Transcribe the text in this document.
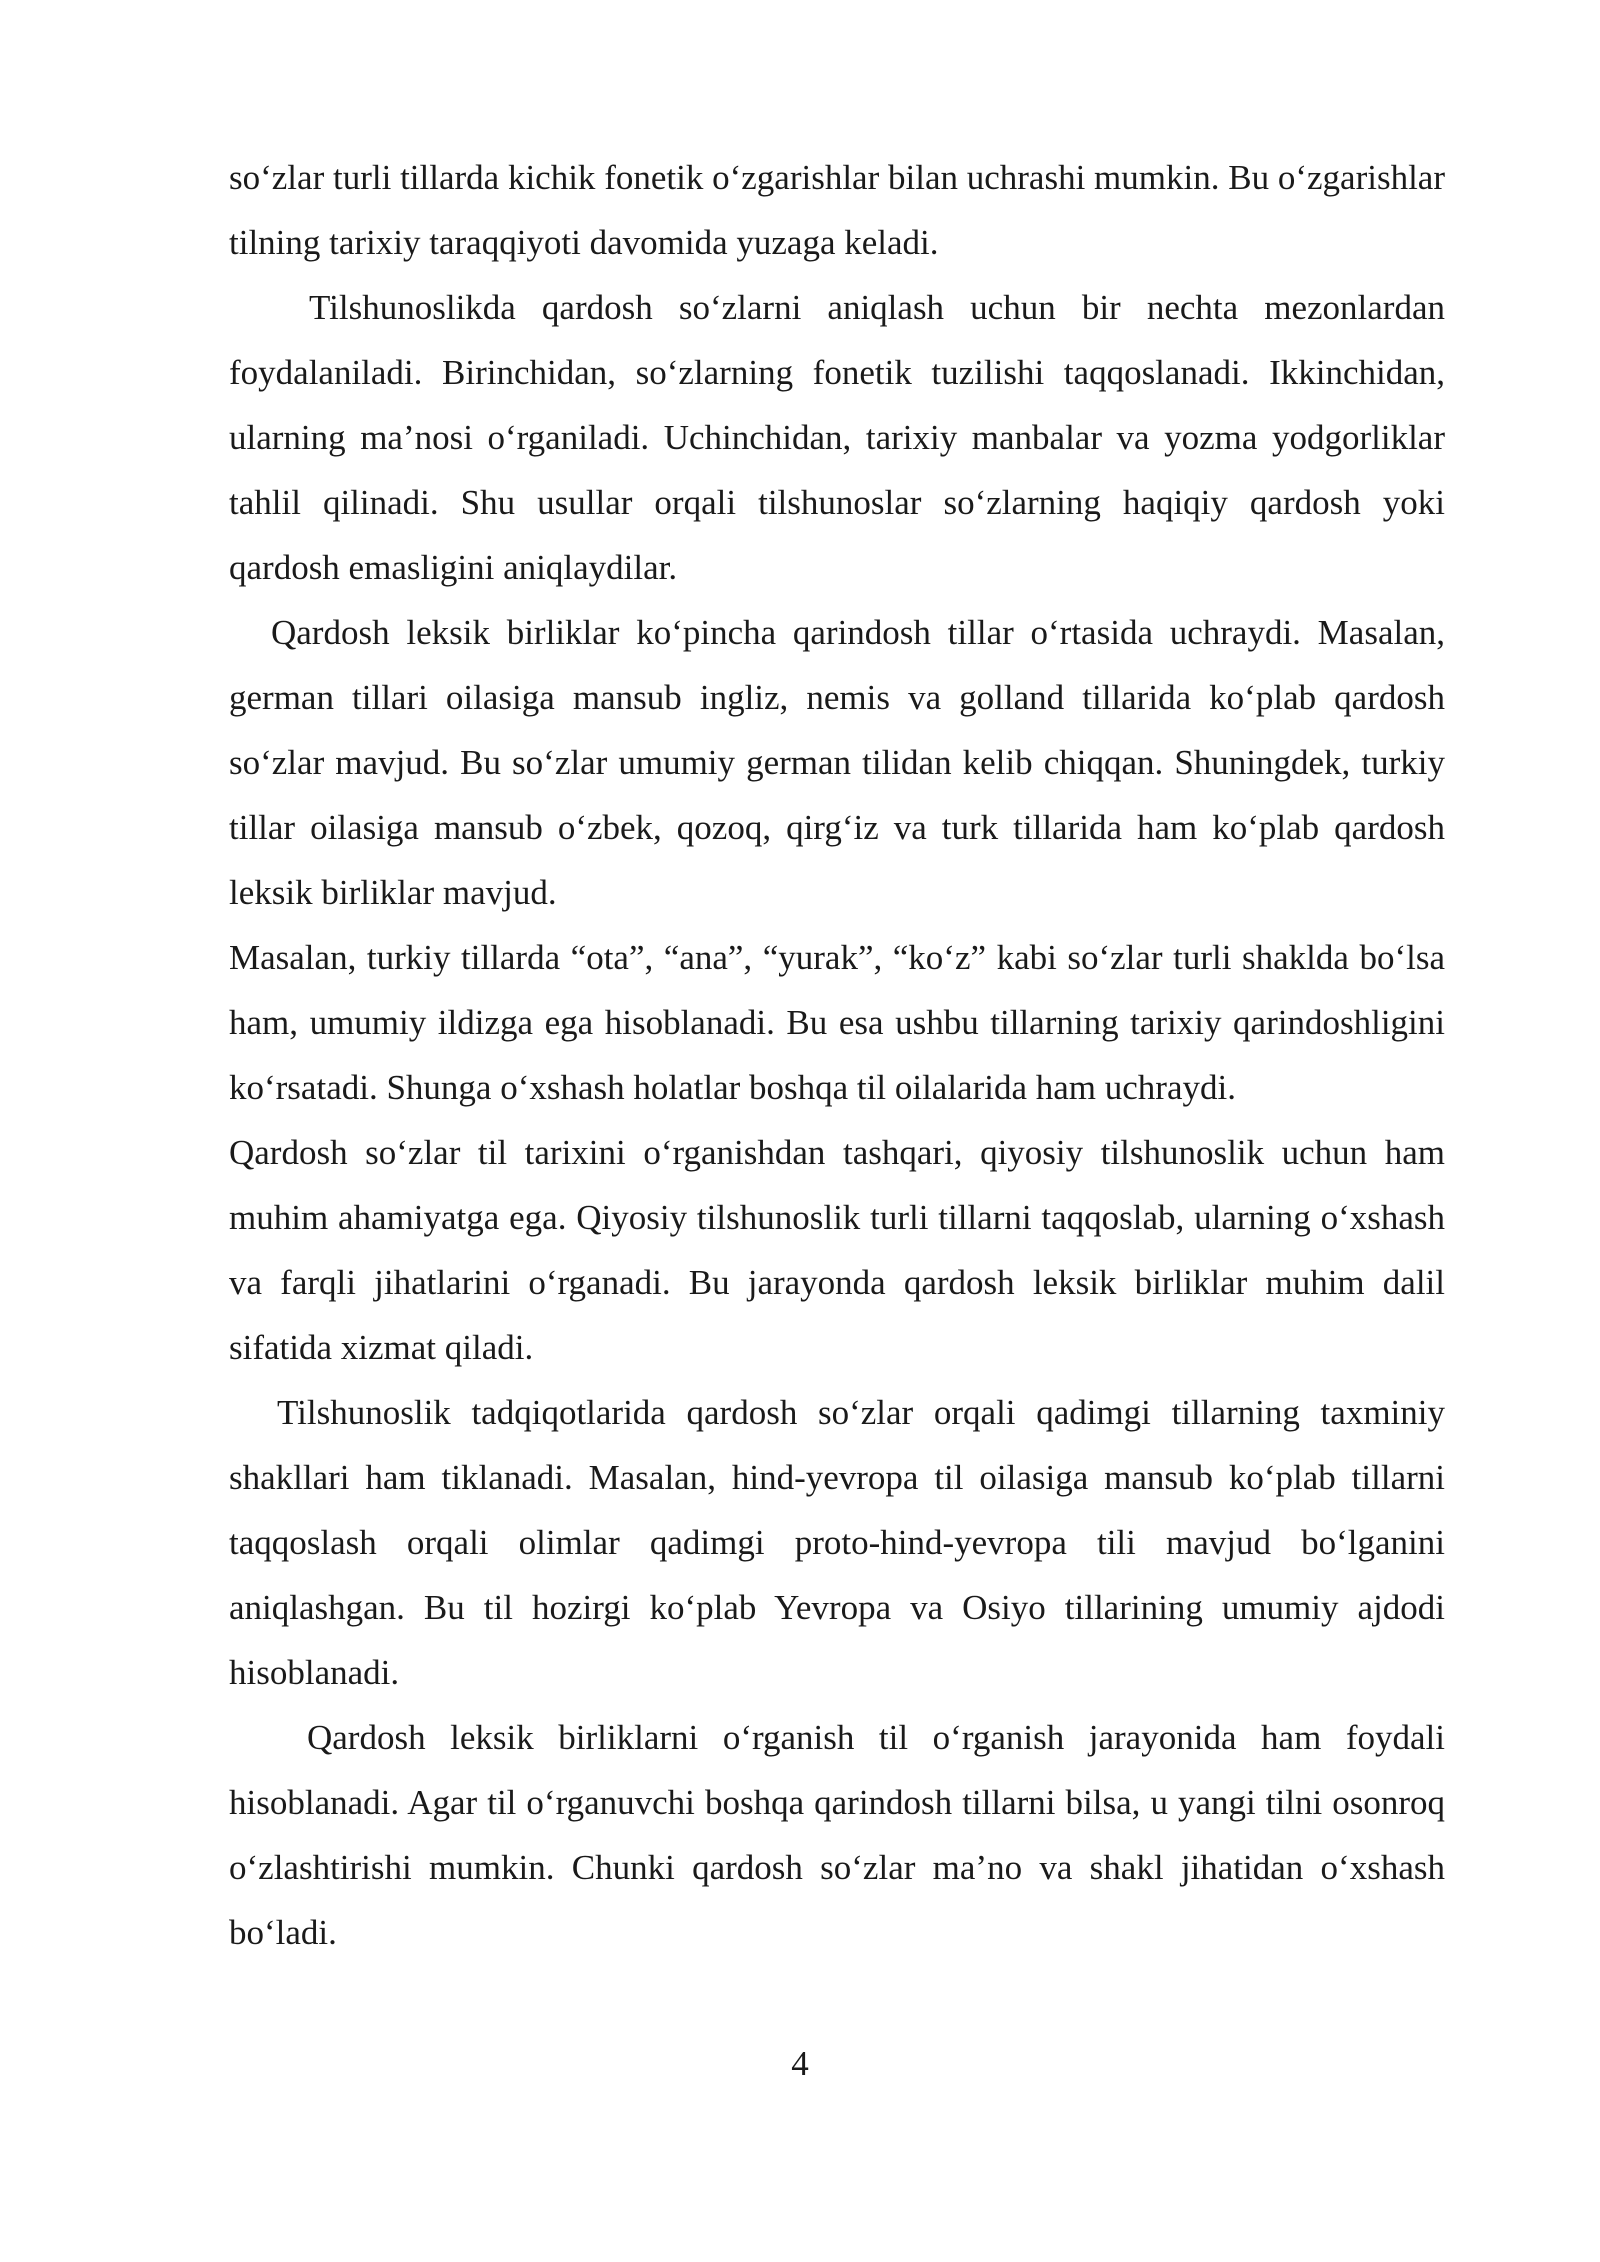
so‘zlar turli tillarda kichik fonetik o‘zgarishlar bilan uchrashi mumkin. Bu o‘zgarishlar tilning tarixiy taraqqiyoti davomida yuzaga keladi.

Tilshunoslikda qardosh so‘zlarni aniqlash uchun bir nechta mezonlardan foydalaniladi. Birinchidan, so‘zlarning fonetik tuzilishi taqqoslanadi. Ikkinchidan, ularning ma’nosi o‘rganiladi. Uchinchidan, tarixiy manbalar va yozma yodgorliklar tahlil qilinadi. Shu usullar orqali tilshunoslar so‘zlarning haqiqiy qardosh yoki qardosh emasligini aniqlaydilar.

Qardosh leksik birliklar ko‘pincha qarindosh tillar o‘rtasida uchraydi. Masalan, german tillari oilasiga mansub ingliz, nemis va golland tillarida ko‘plab qardosh so‘zlar mavjud. Bu so‘zlar umumiy german tilidan kelib chiqqan. Shuningdek, turkiy tillar oilasiga mansub o‘zbek, qozoq, qirg‘iz va turk tillarida ham ko‘plab qardosh leksik birliklar mavjud.

Masalan, turkiy tillarda “ota”, “ana”, “yurak”, “ko‘z” kabi so‘zlar turli shaklda bo‘lsa ham, umumiy ildizga ega hisoblanadi. Bu esa ushbu tillarning tarixiy qarindoshligini ko‘rsatadi. Shunga o‘xshash holatlar boshqa til oilalarida ham uchraydi.

Qardosh so‘zlar til tarixini o‘rganishdan tashqari, qiyosiy tilshunoslik uchun ham muhim ahamiyatga ega. Qiyosiy tilshunoslik turli tillarni taqqoslab, ularning o‘xshash va farqli jihatlarini o‘rganadi. Bu jarayonda qardosh leksik birliklar muhim dalil sifatida xizmat qiladi.

Tilshunoslik tadqiqotlarida qardosh so‘zlar orqali qadimgi tillarning taxminiy shakllari ham tiklanadi. Masalan, hind-yevropa til oilasiga mansub ko‘plab tillarni taqqoslash orqali olimlar qadimgi proto-hind-yevropa tili mavjud bo‘lganini aniqlashgan. Bu til hozirgi ko‘plab Yevropa va Osiyo tillarining umumiy ajdodi hisoblanadi.

Qardosh leksik birliklarni o‘rganish til o‘rganish jarayonida ham foydali hisoblanadi. Agar til o‘rganuvchi boshqa qarindosh tillarni bilsa, u yangi tilni osonroq o‘zlashtirishi mumkin. Chunki qardosh so‘zlar ma’no va shakl jihatidan o‘xshash bo‘ladi.

4
